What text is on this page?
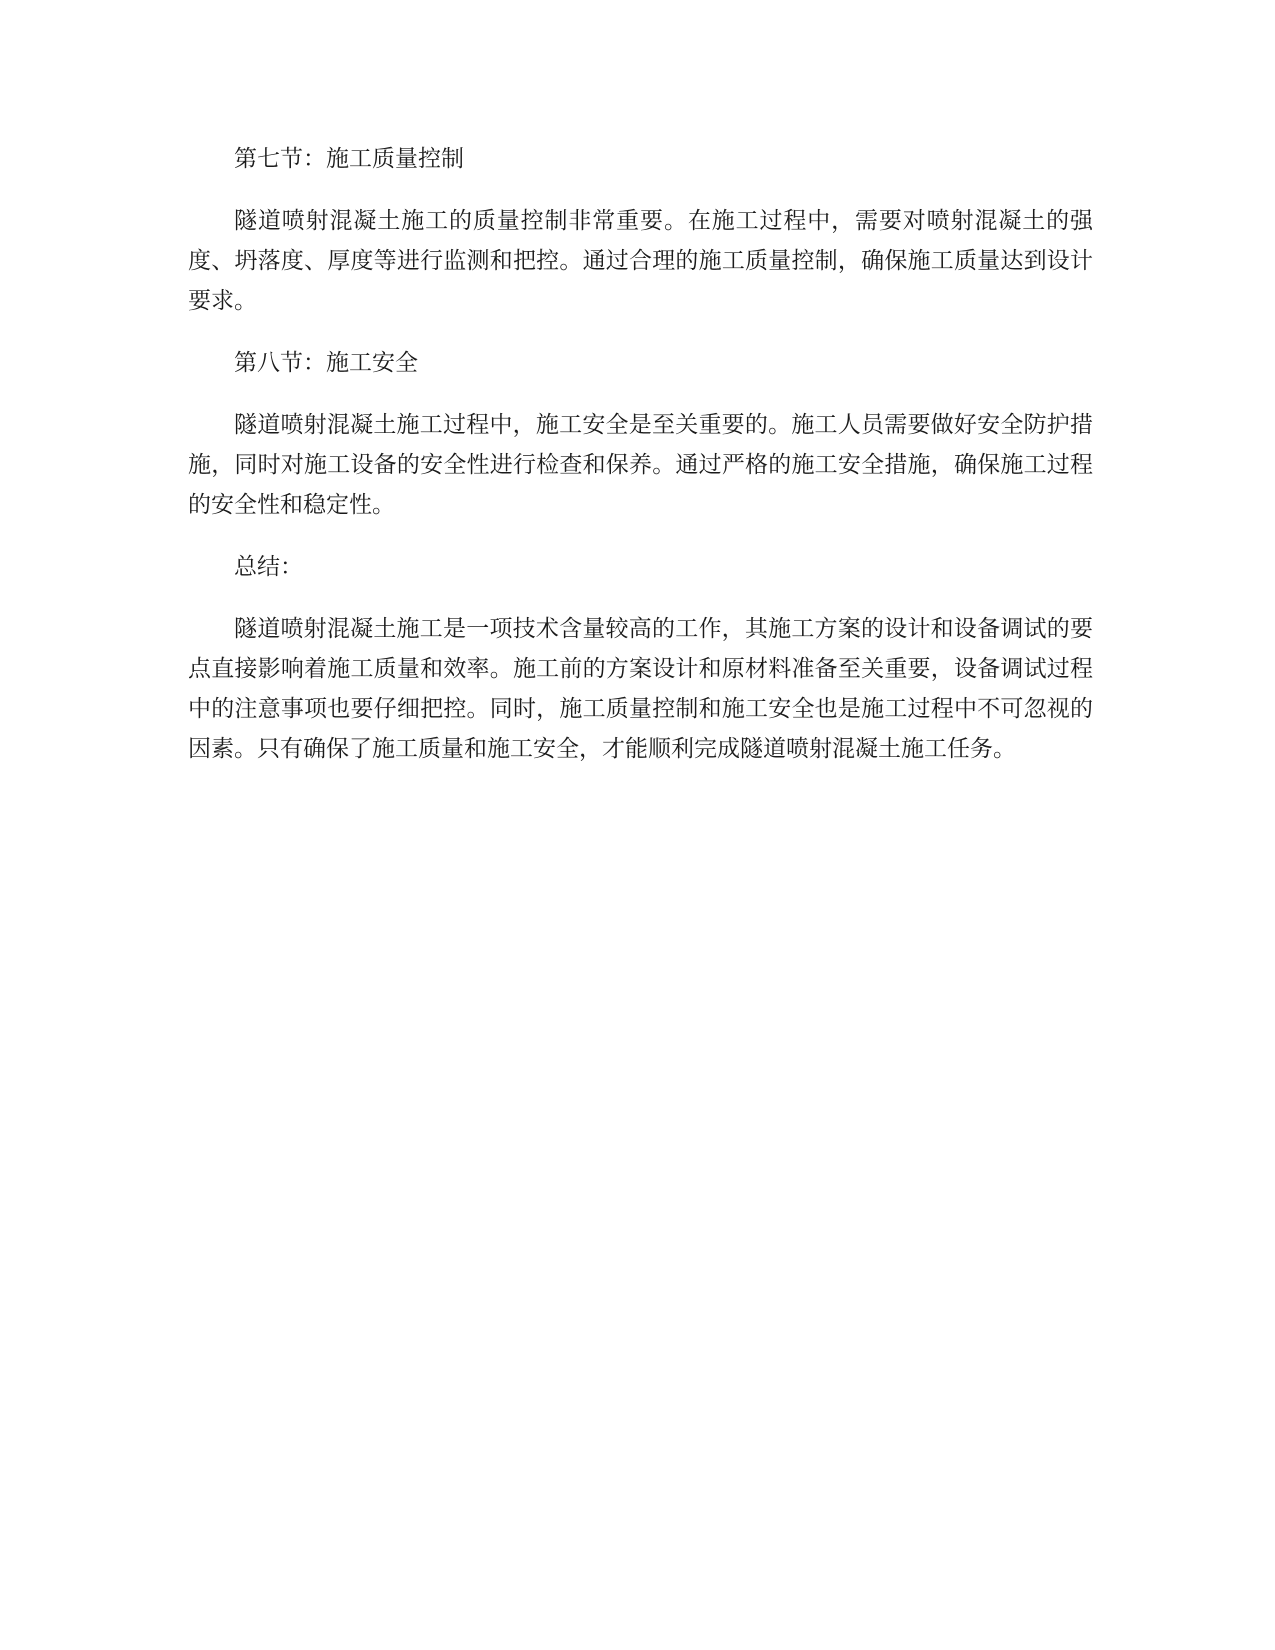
第七节：施工质量控制

隧道喷射混凝土施工的质量控制非常重要。在施工过程中，需要对喷射混凝土的强度、坍落度、厚度等进行监测和把控。通过合理的施工质量控制，确保施工质量达到设计要求。

第八节：施工安全

隧道喷射混凝土施工过程中，施工安全是至关重要的。施工人员需要做好安全防护措施，同时对施工设备的安全性进行检查和保养。通过严格的施工安全措施，确保施工过程的安全性和稳定性。

总结：

隧道喷射混凝土施工是一项技术含量较高的工作，其施工方案的设计和设备调试的要点直接影响着施工质量和效率。施工前的方案设计和原材料准备至关重要，设备调试过程中的注意事项也要仔细把控。同时，施工质量控制和施工安全也是施工过程中不可忽视的因素。只有确保了施工质量和施工安全，才能顺利完成隧道喷射混凝土施工任务。
